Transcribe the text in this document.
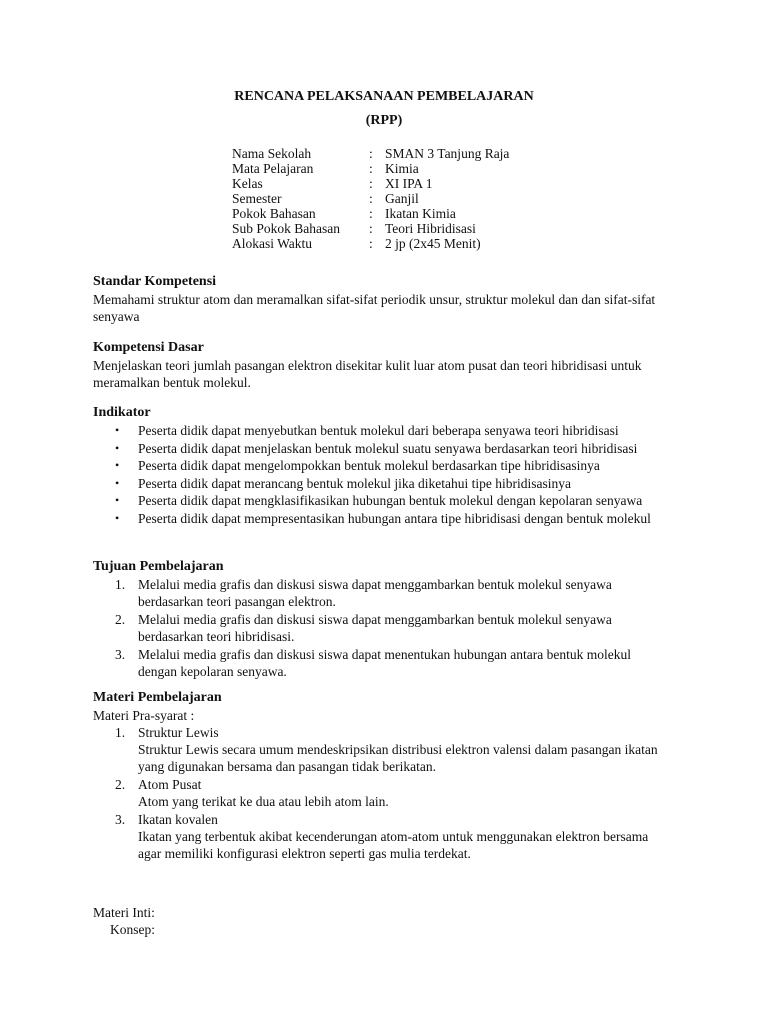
RENCANA PELAKSANAAN PEMBELAJARAN
(RPP)
Nama Sekolah	:	SMAN 3 Tanjung Raja
Mata Pelajaran	:	Kimia
Kelas	:	XI IPA 1
Semester	:	Ganjil
Pokok Bahasan	:	Ikatan Kimia
Sub Pokok Bahasan	:	Teori Hibridisasi
Alokasi Waktu	:	2 jp (2x45 Menit)
Standar Kompetensi

Memahami struktur atom dan meramalkan sifat-sifat periodik unsur, struktur molekul dan dan sifat-sifat senyawa

Kompetensi Dasar

Menjelaskan teori jumlah pasangan elektron disekitar kulit luar atom pusat dan teori hibridisasi untuk meramalkan bentuk molekul.

Indikator
• Peserta didik dapat menyebutkan bentuk molekul dari beberapa senyawa teori hibridisasi
• Peserta didik dapat menjelaskan bentuk molekul suatu senyawa berdasarkan teori hibridisasi
• Peserta didik dapat mengelompokkan bentuk molekul berdasarkan tipe hibridisasinya
• Peserta didik dapat merancang bentuk molekul jika diketahui tipe hibridisasinya
• Peserta didik dapat mengklasifikasikan hubungan bentuk molekul dengan kepolaran senyawa
• Peserta didik dapat mempresentasikan hubungan antara tipe hibridisasi dengan bentuk molekul
Tujuan Pembelajaran
1. Melalui media grafis dan diskusi siswa dapat menggambarkan bentuk molekul senyawa berdasarkan teori pasangan elektron.
2. Melalui media grafis dan diskusi siswa dapat menggambarkan bentuk molekul senyawa berdasarkan teori hibridisasi.
3. Melalui media grafis dan diskusi siswa dapat menentukan hubungan antara bentuk molekul dengan kepolaran senyawa.
Materi Pembelajaran

Materi Pra-syarat :

1. Struktur Lewis
Struktur Lewis secara umum mendeskripsikan distribusi elektron valensi dalam pasangan ikatan yang digunakan bersama dan pasangan tidak berikatan.
2. Atom Pusat
Atom yang terikat ke dua atau lebih atom lain.
3. Ikatan kovalen
Ikatan yang terbentuk akibat kecenderungan atom-atom untuk menggunakan elektron bersama agar memiliki konfigurasi elektron seperti gas mulia terdekat.
Materi Inti:
Konsep:
